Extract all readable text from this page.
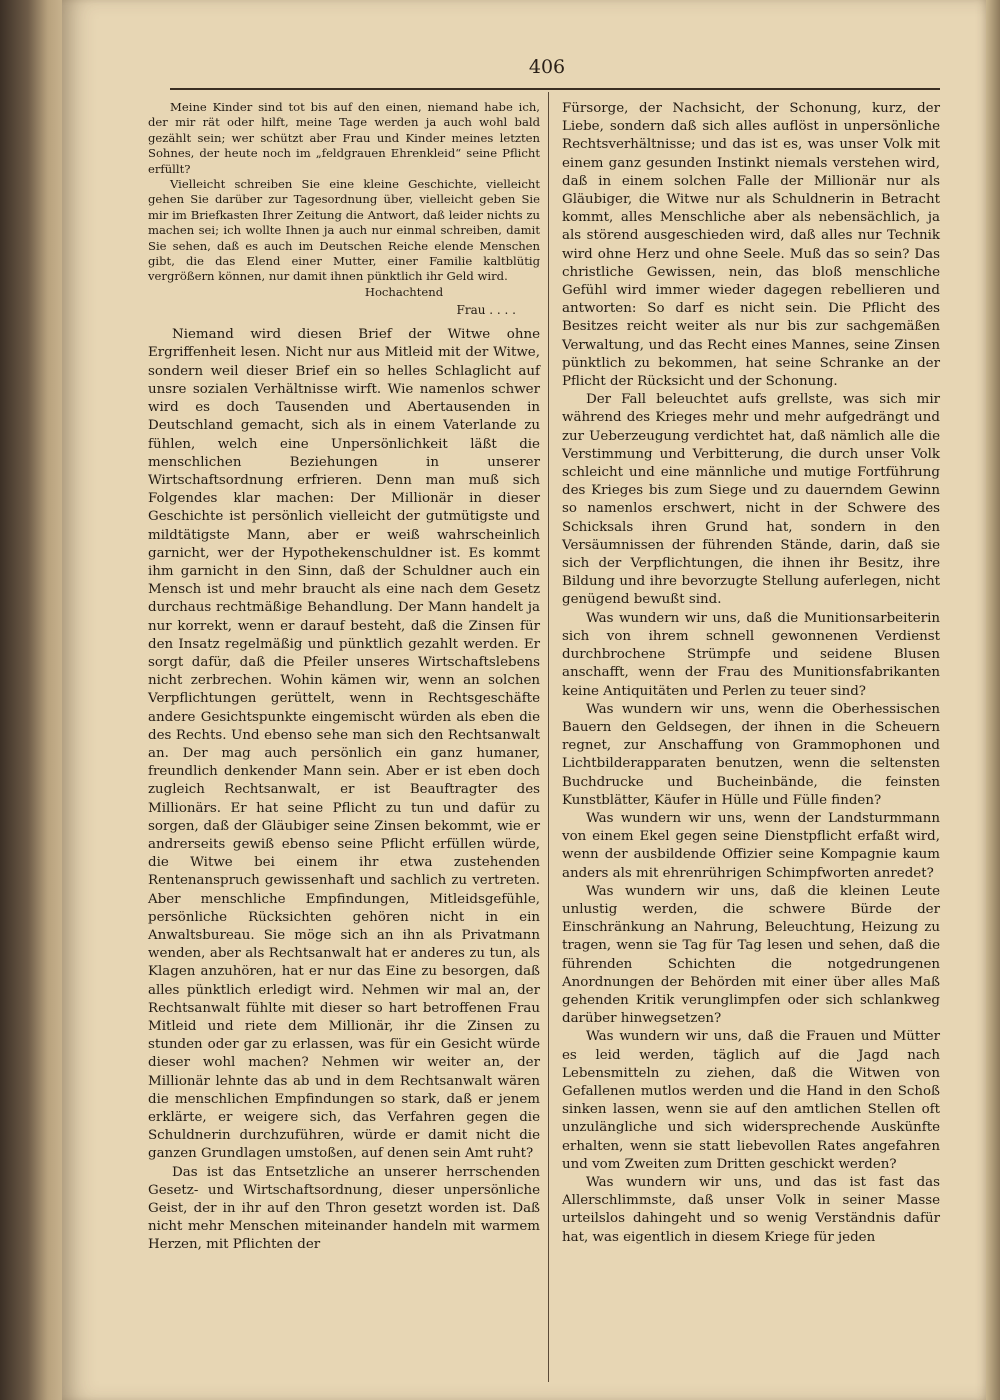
406

Meine Kinder sind tot bis auf den einen, niemand habe ich, der mir rät oder hilft, meine Tage werden ja auch wohl bald gezählt sein; wer schützt aber Frau und Kinder meines letzten Sohnes, der heute noch im „feldgrauen Ehrenkleid“ seine Pflicht erfüllt?

Vielleicht schreiben Sie eine kleine Geschichte, vielleicht gehen Sie darüber zur Tagesordnung über, vielleicht geben Sie mir im Briefkasten Ihrer Zeitung die Antwort, daß leider nichts zu machen sei; ich wollte Ihnen ja auch nur einmal schreiben, damit Sie sehen, daß es auch im Deutschen Reiche elende Menschen gibt, die das Elend einer Mutter, einer Familie kaltblütig vergrößern können, nur damit ihnen pünktlich ihr Geld wird.

Hochachtend
Frau . . . .

Niemand wird diesen Brief der Witwe ohne Ergriffenheit lesen. Nicht nur aus Mitleid mit der Witwe, sondern weil dieser Brief ein so helles Schlaglicht auf unsre sozialen Verhältnisse wirft. Wie namenlos schwer wird es doch Tausenden und Abertausenden in Deutschland gemacht, sich als in einem Vaterlande zu fühlen, welch eine Unpersönlichkeit läßt die menschlichen Beziehungen in unserer Wirtschaftsordnung erfrieren. Denn man muß sich Folgendes klar machen: Der Millionär in dieser Geschichte ist persönlich vielleicht der gutmütigste und mildtätigste Mann, aber er weiß wahrscheinlich garnicht, wer der Hypothekenschuldner ist. Es kommt ihm garnicht in den Sinn, daß der Schuldner auch ein Mensch ist und mehr braucht als eine nach dem Gesetz durchaus rechtmäßige Behandlung. Der Mann handelt ja nur korrekt, wenn er darauf besteht, daß die Zinsen für den Insatz regelmäßig und pünktlich gezahlt werden. Er sorgt dafür, daß die Pfeiler unseres Wirtschaftslebens nicht zerbrechen. Wohin kämen wir, wenn an solchen Verpflichtungen gerüttelt, wenn in Rechtsgeschäfte andere Gesichtspunkte eingemischt würden als eben die des Rechts. Und ebenso sehe man sich den Rechtsanwalt an. Der mag auch persönlich ein ganz humaner, freundlich denkender Mann sein. Aber er ist eben doch zugleich Rechtsanwalt, er ist Beauftragter des Millionärs. Er hat seine Pflicht zu tun und dafür zu sorgen, daß der Gläubiger seine Zinsen bekommt, wie er andrerseits gewiß ebenso seine Pflicht erfüllen würde, die Witwe bei einem ihr etwa zustehenden Rentenanspruch gewissenhaft und sachlich zu vertreten. Aber menschliche Empfindungen, Mitleidsgefühle, persönliche Rücksichten gehören nicht in ein Anwaltsbureau. Sie möge sich an ihn als Privatmann wenden, aber als Rechtsanwalt hat er anderes zu tun, als Klagen anzuhören, hat er nur das Eine zu besorgen, daß alles pünktlich erledigt wird. Nehmen wir mal an, der Rechtsanwalt fühlte mit dieser so hart betroffenen Frau Mitleid und riete dem Millionär, ihr die Zinsen zu stunden oder gar zu erlassen, was für ein Gesicht würde dieser wohl machen? Nehmen wir weiter an, der Millionär lehnte das ab und in dem Rechtsanwalt wären die menschlichen Empfindungen so stark, daß er jenem erklärte, er weigere sich, das Verfahren gegen die Schuldnerin durchzuführen, würde er damit nicht die ganzen Grundlagen umstoßen, auf denen sein Amt ruht?

Das ist das Entsetzliche an unserer herrschenden Gesetz- und Wirtschaftsordnung, dieser unpersönliche Geist, der in ihr auf den Thron gesetzt worden ist. Daß nicht mehr Menschen miteinander handeln mit warmem Herzen, mit Pflichten der

Fürsorge, der Nachsicht, der Schonung, kurz, der Liebe, sondern daß sich alles auflöst in unpersönliche Rechtsverhältnisse; und das ist es, was unser Volk mit einem ganz gesunden Instinkt niemals verstehen wird, daß in einem solchen Falle der Millionär nur als Gläubiger, die Witwe nur als Schuldnerin in Betracht kommt, alles Menschliche aber als nebensächlich, ja als störend ausgeschieden wird, daß alles nur Technik wird ohne Herz und ohne Seele. Muß das so sein? Das christliche Gewissen, nein, das bloß menschliche Gefühl wird immer wieder dagegen rebellieren und antworten: So darf es nicht sein. Die Pflicht des Besitzes reicht weiter als nur bis zur sachgemäßen Verwaltung, und das Recht eines Mannes, seine Zinsen pünktlich zu bekommen, hat seine Schranke an der Pflicht der Rücksicht und der Schonung.

Der Fall beleuchtet aufs grellste, was sich mir während des Krieges mehr und mehr aufgedrängt und zur Ueberzeugung verdichtet hat, daß nämlich alle die Verstimmung und Verbitterung, die durch unser Volk schleicht und eine männliche und mutige Fortführung des Krieges bis zum Siege und zu dauerndem Gewinn so namenlos erschwert, nicht in der Schwere des Schicksals ihren Grund hat, sondern in den Versäumnissen der führenden Stände, darin, daß sie sich der Verpflichtungen, die ihnen ihr Besitz, ihre Bildung und ihre bevorzugte Stellung auferlegen, nicht genügend bewußt sind.

Was wundern wir uns, daß die Munitionsarbeiterin sich von ihrem schnell gewonnenen Verdienst durchbrochene Strümpfe und seidene Blusen anschafft, wenn der Frau des Munitionsfabrikanten keine Antiquitäten und Perlen zu teuer sind?

Was wundern wir uns, wenn die Oberhessischen Bauern den Geldsegen, der ihnen in die Scheuern regnet, zur Anschaffung von Grammophonen und Lichtbilderapparaten benutzen, wenn die seltensten Buchdrucke und Bucheinbände, die feinsten Kunstblätter, Käufer in Hülle und Fülle finden?

Was wundern wir uns, wenn der Landsturmmann von einem Ekel gegen seine Dienstpflicht erfaßt wird, wenn der ausbildende Offizier seine Kompagnie kaum anders als mit ehrenrührigen Schimpfworten anredet?

Was wundern wir uns, daß die kleinen Leute unlustig werden, die schwere Bürde der Einschränkung an Nahrung, Beleuchtung, Heizung zu tragen, wenn sie Tag für Tag lesen und sehen, daß die führenden Schichten die notgedrungenen Anordnungen der Behörden mit einer über alles Maß gehenden Kritik verunglimpfen oder sich schlankweg darüber hinwegsetzen?

Was wundern wir uns, daß die Frauen und Mütter es leid werden, täglich auf die Jagd nach Lebensmitteln zu ziehen, daß die Witwen von Gefallenen mutlos werden und die Hand in den Schoß sinken lassen, wenn sie auf den amtlichen Stellen oft unzulängliche und sich widersprechende Auskünfte erhalten, wenn sie statt liebevollen Rates angefahren und vom Zweiten zum Dritten geschickt werden?

Was wundern wir uns, und das ist fast das Allerschlimmste, daß unser Volk in seiner Masse urteilslos dahingeht und so wenig Verständnis dafür hat, was eigentlich in diesem Kriege für jeden
